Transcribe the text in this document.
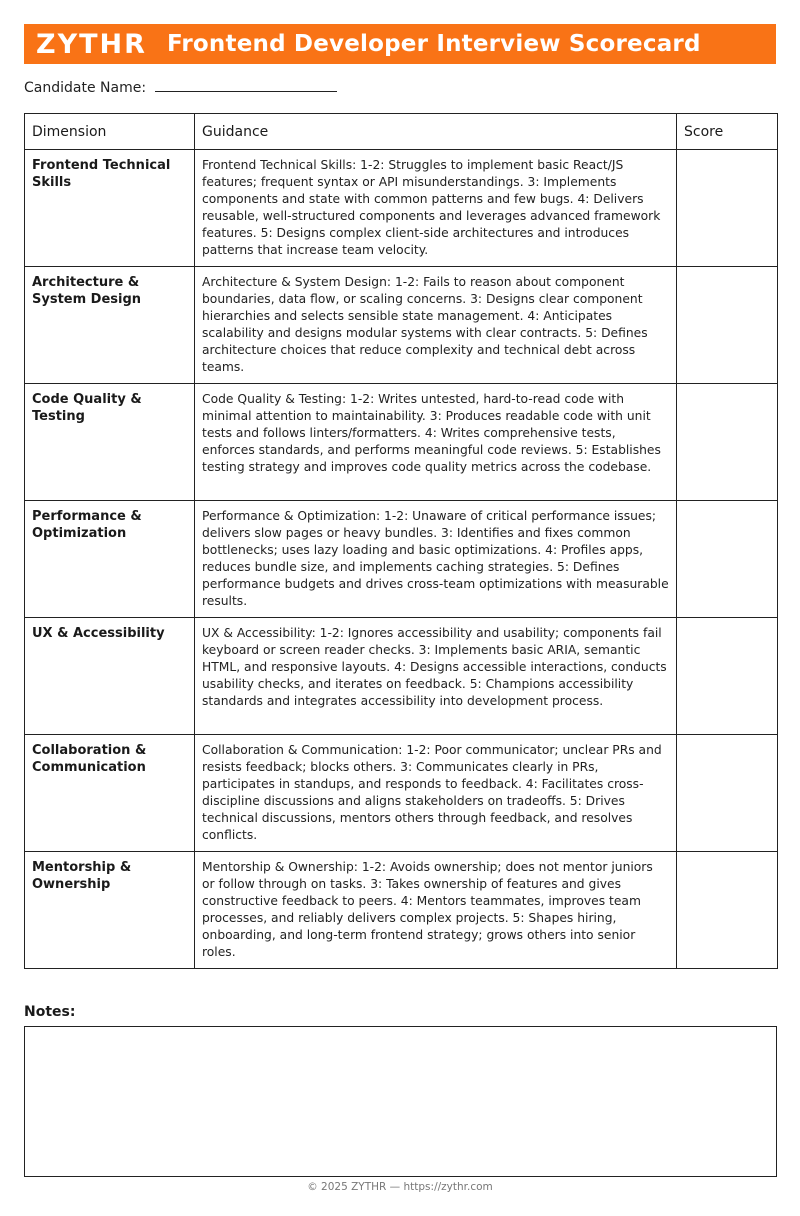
ZYTHR Frontend Developer Interview Scorecard
Candidate Name:
Dimension	Guidance	Score
Frontend Technical Skills	Frontend Technical Skills: 1-2: Struggles to implement basic React/JS features; frequent syntax or API misunderstandings. 3: Implements components and state with common patterns and few bugs. 4: Delivers reusable, well-structured components and leverages advanced framework features. 5: Designs complex client-side architectures and introduces patterns that increase team velocity.	
Architecture & System Design	Architecture & System Design: 1-2: Fails to reason about component boundaries, data flow, or scaling concerns. 3: Designs clear component hierarchies and selects sensible state management. 4: Anticipates scalability and designs modular systems with clear contracts. 5: Defines architecture choices that reduce complexity and technical debt across teams.	
Code Quality & Testing	Code Quality & Testing: 1-2: Writes untested, hard-to-read code with minimal attention to maintainability. 3: Produces readable code with unit tests and follows linters/formatters. 4: Writes comprehensive tests, enforces standards, and performs meaningful code reviews. 5: Establishes testing strategy and improves code quality metrics across the codebase.	
Performance & Optimization	Performance & Optimization: 1-2: Unaware of critical performance issues; delivers slow pages or heavy bundles. 3: Identifies and fixes common bottlenecks; uses lazy loading and basic optimizations. 4: Profiles apps, reduces bundle size, and implements caching strategies. 5: Defines performance budgets and drives cross-team optimizations with measurable results.	
UX & Accessibility	UX & Accessibility: 1-2: Ignores accessibility and usability; components fail keyboard or screen reader checks. 3: Implements basic ARIA, semantic HTML, and responsive layouts. 4: Designs accessible interactions, conducts usability checks, and iterates on feedback. 5: Champions accessibility standards and integrates accessibility into development process.	
Collaboration & Communication	Collaboration & Communication: 1-2: Poor communicator; unclear PRs and resists feedback; blocks others. 3: Communicates clearly in PRs, participates in standups, and responds to feedback. 4: Facilitates cross-discipline discussions and aligns stakeholders on tradeoffs. 5: Drives technical discussions, mentors others through feedback, and resolves conflicts.	
Mentorship & Ownership	Mentorship & Ownership: 1-2: Avoids ownership; does not mentor juniors or follow through on tasks. 3: Takes ownership of features and gives constructive feedback to peers. 4: Mentors teammates, improves team processes, and reliably delivers complex projects. 5: Shapes hiring, onboarding, and long-term frontend strategy; grows others into senior roles.	
Notes:
© 2025 ZYTHR — https://zythr.com
